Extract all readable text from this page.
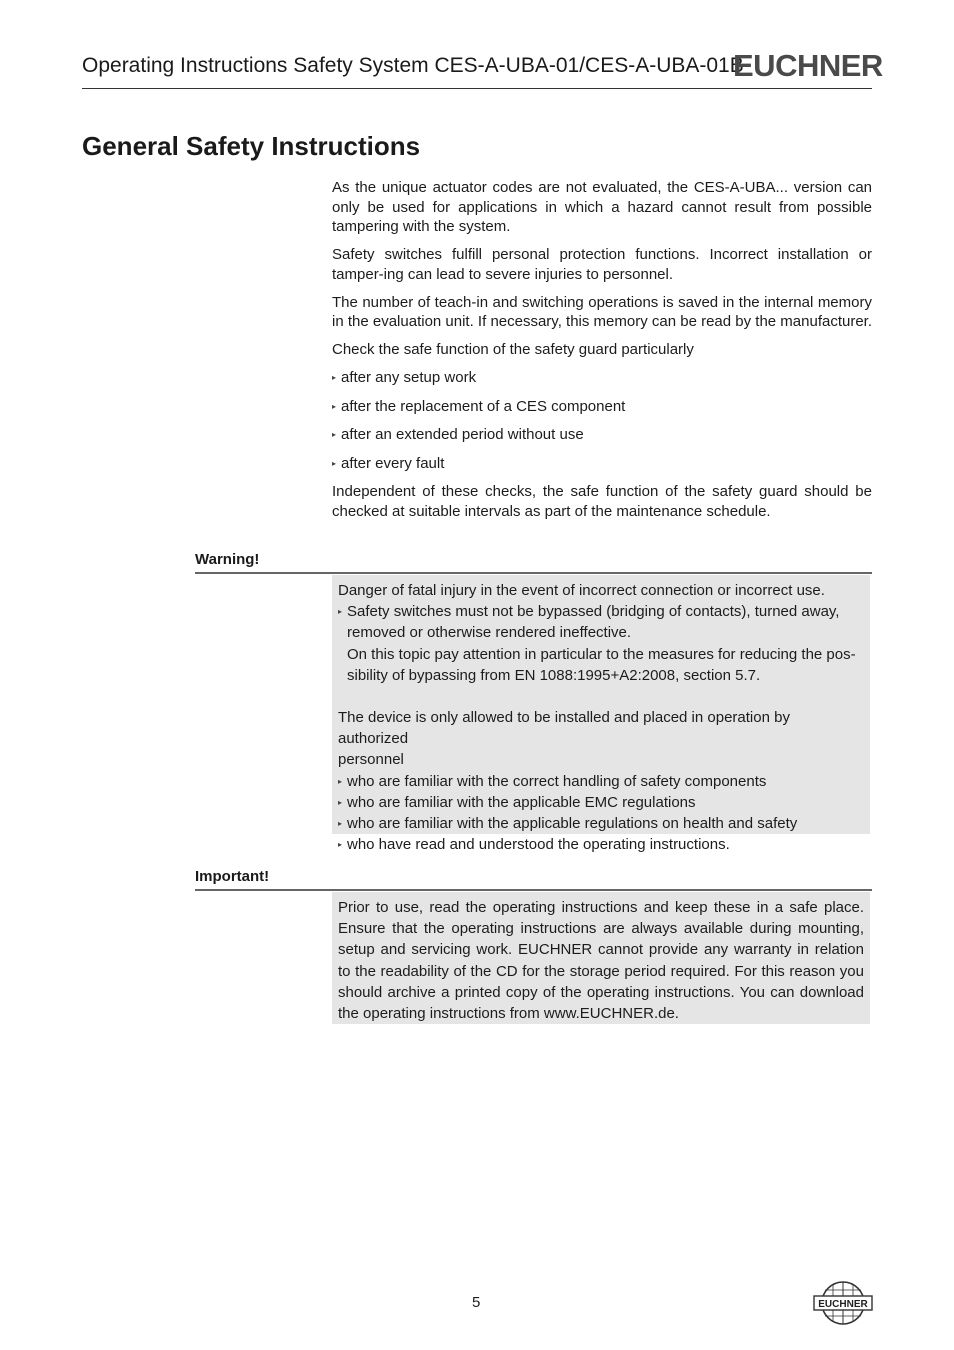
Operating Instructions Safety System CES-A-UBA-01/CES-A-UBA-01B
EUCHNER
General Safety Instructions

As the unique actuator codes are not evaluated, the CES-A-UBA... version can only be used for applications in which a hazard cannot result from possible tampering with the system.

Safety switches fulfill personal protection functions. Incorrect installation or tamper-ing can lead to severe injuries to personnel.

The number of teach-in and switching operations is saved in the internal memory in the evaluation unit. If necessary, this memory can be read by the manufacturer.

Check the safe function of the safety guard particularly

▸ after any setup work
▸ after the replacement of a CES component
▸ after an extended period without use
▸ after every fault

Independent of these checks, the safe function of the safety guard should be checked at suitable intervals as part of the maintenance schedule.

Warning!

Danger of fatal injury in the event of incorrect connection or incorrect use.

▸ Safety switches must not be bypassed (bridging of contacts), turned away,

removed or otherwise rendered ineffective.

On this topic pay attention in particular to the measures for reducing the pos-

sibility of bypassing from EN 1088:1995+A2:2008, section 5.7.

The device is only allowed to be installed and placed in operation by authorized

personnel

▸ who are familiar with the correct handling of safety components

▸ who are familiar with the applicable EMC regulations

▸ who are familiar with the applicable regulations on health and safety

▸ who have read and understood the operating instructions.

Important!

Prior to use, read the operating instructions and keep these in a safe place. Ensure that the operating instructions are always available during mounting, setup and servicing work. EUCHNER cannot provide any warranty in relation to the readability of the CD for the storage period required. For this reason you should archive a printed copy of the operating instructions. You can download the operating instructions from www.EUCHNER.de.

5	EUCHNER
